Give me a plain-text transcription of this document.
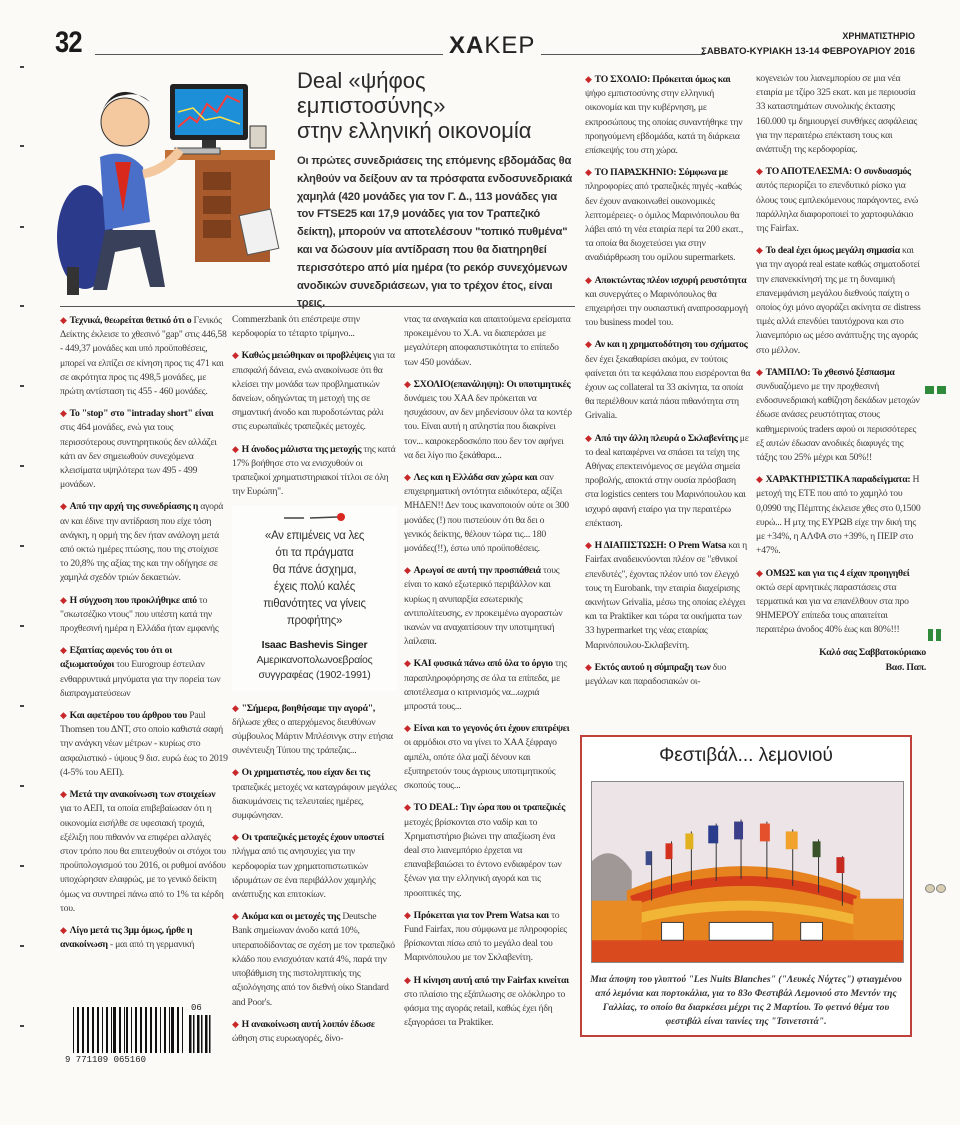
32	ΧΑΚΕΡ	ΧΡΗΜΑΤΙΣΤΗΡΙΟ
ΣΑΒΒΑΤΟ-ΚΥΡΙΑΚΗ 13-14 ΦΕΒΡΟΥΑΡΙΟΥ 2016
Deal «ψήφος
εμπιστοσύνης»
στην ελληνική οικονομία

Οι πρώτες συνεδριάσεις της επόμενης εβδομάδας θα κληθούν να δείξουν αν τα πρόσφατα ενδοσυνεδριακά χαμηλά (420 μονάδες για τον Γ. Δ., 113 μονάδες για τον FTSE25 και 17,9 μονάδες για τον Τραπεζικό δείκτη), μπορούν να αποτελέσουν "τοπικό πυθμένα" και να δώσουν μία αντίδραση που θα διατηρηθεί περισσότερο από μία ημέρα (το ρεκόρ συνεχόμενων ανοδικών συνεδριάσεων, για το τρέχον έτος, είναι τρεις.

◆ Τεχνικά, θεωρείται θετικό ότι ο Γενικός Δείκτης έκλεισε το χθεσινό "gap" στις 446,58 - 449,37 μονάδες και υπό προϋποθέσεις, μπορεί να ελπίζει σε κίνηση προς τις 471 και σε ακρότητα προς τις 498,5 μονάδες, με πρώτη αντίσταση τις 455 - 460 μονάδες.

◆ Το "stop" στο "intraday short" είναι στις 464 μονάδες, ενώ για τους περισσότερους συντηρητικούς δεν αλλάζει κάτι αν δεν σημειωθούν συνεχόμενα κλεισίματα υψηλότερα των 495 - 499 μονάδων.

◆ Από την αρχή της συνεδρίασης η αγορά αν και έδινε την αντίδραση που είχε τόση ανάγκη, η ορμή της δεν ήταν ανάλογη μετά από οκτώ ημέρες πτώσης, που της στοίχισε το 20,8% της αξίας της και την οδήγησε σε χαμηλά σχεδόν τριών δεκαετιών.

◆ Η σύγχυση που προκλήθηκε από το "σκωτσέζικο ντους" που υπέστη κατά την προχθεσινή ημέρα η Ελλάδα ήταν εμφανής

◆ Εξαιτίας αφενός του ότι οι αξιωματούχοι του Eurogroup έστειλαν ενθαρρυντικά μηνύματα για την πορεία των διαπραγματεύσεων

◆ Και αφετέρου του άρθρου του Paul Thomsen του ΔΝΤ, στο οποίο καθιστά σαφή την ανάγκη νέων μέτρων - κυρίως στο ασφαλιστικό - ύψους 9 δισ. ευρώ έως το 2019 (4-5% του ΑΕΠ).

◆ Μετά την ανακοίνωση των στοιχείων για το ΑΕΠ, τα οποία επιβεβαίωσαν ότι η οικονομία εισήλθε σε υφεσιακή τροχιά, εξέλιξη που πιθανόν να επιφέρει αλλαγές στον τρόπο που θα επιτευχθούν οι στόχοι του προϋπολογισμού του 2016, οι ρυθμοί ανόδου υποχώρησαν ελαφρώς, με το γενικό δείκτη όμως να συντηρεί πάνω από το 1% τα κέρδη του.

◆ Λίγο μετά τις 3μμ όμως, ήρθε η ανακοίνωση - μαι από τη γερμανική

Commerzbank ότι επέστρεψε στην κερδοφορία το τέταρτο τρίμηνο...

◆ Καθώς μειώθηκαν οι προβλέψεις για τα επισφαλή δάνεια, ενώ ανακοίνωσε ότι θα κλείσει την μονάδα των προβληματικών δανείων, οδηγώντας τη μετοχή της σε σημαντική άνοδο και πυροδοτώντας ράλι στις ευρωπαϊκές τραπεζικές μετοχές.

◆ Η άνοδος μάλιστα της μετοχής της κατά 17% βοήθησε στο να ενισχυθούν οι τραπεζικοί χρηματιστηριακοί τίτλοι σε όλη την Ευρώπη".

«Αν επιμένεις να λες
ότι τα πράγματα
θα πάνε άσχημα,
έχεις πολύ καλές
πιθανότητες να γίνεις
προφήτης»
Isaac Bashevis Singer
Αμερικανοπολωνοεβραίος
συγγραφέας (1902-1991)

◆ "Σήμερα, βοηθήσαμε την αγορά", δήλωσε χθες ο απερχόμενος διευθύνων σύμβουλος Μάρτιν Μπλέσινγκ στην ετήσια συνέντευξη Τύπου της τράπεζας...

◆ Οι χρηματιστές, που είχαν δει τις τραπεζικές μετοχές να καταγράφουν μεγάλες διακυμάνσεις τις τελευταίες ημέρες, συμφώνησαν.

◆ Οι τραπεζικές μετοχές έχουν υποστεί πλήγμα από τις ανησυχίες για την κερδοφορία των χρηματοπιστωτικών ιδρυμάτων σε ένα περιβάλλον χαμηλής ανάπτυξης και επιτοκίων.

◆ Ακόμα και οι μετοχές της Deutsche Bank σημείωναν άνοδο κατά 10%, υπεραποδίδοντας σε σχέση με τον τραπεζικό κλάδο που ενισχυόταν κατά 4%, παρά την υποβάθμιση της πιστοληπτικής της αξιολόγησης από τον διεθνή οίκο Standard and Poor's.

◆ Η ανακοίνωση αυτή λοιπόν έδωσε ώθηση στις ευρωαγορές, δίνο-

ντας τα αναγκαία και απαιτούμενα ερείσματα προκειμένου το Χ.Α. να διαπεράσει με μεγαλύτερη αποφασιστικότητα το επίπεδο των 450 μονάδων.

◆ ΣΧΟΛΙΟ(επανάληψη): Οι υποτιμητικές δυνάμεις του ΧΑΑ δεν πρόκειται να ησυχάσουν, αν δεν μηδενίσουν όλα τα κοντέρ του. Είναι αυτή η απληστία που διακρίνει τον... καιροκερδοσκόπο που δεν τον αφήνει να δει λίγο πιο ξεκάθαρα...

◆ Λες και η Ελλάδα σαν χώρα και σαν επιχειρηματική οντότητα ειδικότερα, αξίζει ΜΗΔΕΝ!! Δεν τους ικανοποιούν ούτε οι 300 μονάδες (!) που πιστεύουν ότι θα δει ο γενικός δείκτης, θέλουν τώρα τις... 180 μονάδες(!!), έστω υπό προϋποθέσεις.

◆ Αρωγοί σε αυτή την προσπάθειά τους είναι το κακό εξωτερικό περιβάλλον και κυρίως η ανυπαρξία εσωτερικής αντιπολίτευσης, εν προκειμένω αγοραστών ικανών να αναχαιτίσουν την υποτιμητική λαίλαπα.

◆ ΚΑΙ φυσικά πάνω από όλα το όργιο της παραπληροφόρησης σε όλα τα επίπεδα, με αποτέλεσμα ο κιτρινισμός να...ωχριά μπροστά τους...

◆ Είναι και το γεγονός ότι έχουν επιτρέψει οι αρμόδιοι στο να γίνει το ΧΑΑ ξέφραγο αμπέλι, οπότε όλα μαζί δένουν και εξυπηρετούν τους άγριους υποτιμητικούς σκοπούς τους...

◆ ΤΟ DEAL: Την ώρα που οι τραπεζικές μετοχές βρίσκονται στο ναδίρ και το Χρηματιστήριο βιώνει την απαξίωση ένα deal στο λιανεμπόριο έρχεται να επαναβεβαιώσει το έντονο ενδιαφέρον των ξένων για την ελληνική αγορά και τις προοπτικές της.

◆ Πρόκειται για τον Prem Watsa και το Fund Fairfax, που σύμφωνα με πληροφορίες βρίσκονται πίσω από το μεγάλο deal του Μαρινόπουλου με τον Σκλαβενίτη.

◆ Η κίνηση αυτή από την Fairfax κινείται στο πλαίσιο της εξάπλωσης σε ολόκληρο το φάσμα της αγοράς retail, καθώς έχει ήδη εξαγοράσει τα Praktiker.

◆ ΤΟ ΣΧΟΛΙΟ: Πρόκειται όμως και ψήφο εμπιστοσύνης στην ελληνική οικονομία και την κυβέρνηση, με εκπροσώπους της οποίας συναντήθηκε την προηγούμενη εβδομάδα, κατά τη διάρκεια επίσκεψής του στη χώρα.

◆ ΤΟ ΠΑΡΑΣΚΗΝΙΟ: Σύμφωνα με πληροφορίες από τραπεζικές πηγές -καθώς δεν έχουν ανακοινωθεί οικονομικές λεπτομέρειες- ο όμιλος Μαρινόπουλου θα λάβει από τη νέα εταιρία περί τα 200 εκατ., τα οποία θα διοχετεύσει για στην αναδιάρθρωση του ομίλου supermarkets.

◆ Αποκτώντας πλέον ισχυρή ρευστότητα και συνεργάτες ο Μαρινόπουλος θα επιχειρήσει την ουσιαστική αναπροσαρμογή του business model του.

◆ Αν και η χρηματοδότηση του σχήματος δεν έχει ξεκαθαρίσει ακόμα, εν τούτοις φαίνεται ότι τα κεφάλαια που εισρέρονται θα έχουν ως collateral τα 33 ακίνητα, τα οποία θα περιέλθουν κατά πάσα πιθανότητα στη Grivalia.

◆ Από την άλλη πλευρά ο Σκλαβενίτης με το deal καταφέρνει να σπάσει τα τείχη της Αθήνας επεκτεινόμενος σε μεγάλα σημεία προβολής, αποκτά στην ουσία πρόσβαση στα logistics centers του Μαρινόπουλου και ισχυρό αφανή εταίρο για την περαιτέρω επέκταση.

◆ Η ΔΙΑΠΙΣΤΩΣΗ: Ο Prem Watsa και η Fairfax αναδεικνύονται πλέον σε "εθνικοί επενδυτές", έχοντας πλέον υπό τον έλεγχό τους τη Eurobank, την εταιρία διαχείρισης ακινήτων Grivalia, μέσω της οποίας ελέγχει και τα Praktiker και τώρα τα οικήματα των 33 hypermarket της νέας εταιρίας Μαρινόπουλου-Σκλαβενίτη.

◆ Εκτός αυτού η σύμπραξη των δυο μεγάλων και παραδοσιακών οι-

κογενειών του λιανεμπορίου σε μια νέα εταιρία με τζίρο 325 εκατ. και με περιουσία 33 καταστημάτων συνολικής έκτασης 160.000 τμ δημιουργεί συνθήκες ασφάλειας για την περαιτέρω επέκταση τους και ανάπτυξη της κερδοφορίας.

◆ ΤΟ ΑΠΟΤΕΛΕΣΜΑ: Ο συνδυασμός αυτός περιορίζει το επενδυτικό ρίσκο για όλους τους εμπλεκόμενους παράγοντες, ενώ παράλληλα διαφοροποιεί το χαρτοφυλάκιο της Fairfax.

◆ Το deal έχει όμως μεγάλη σημασία και για την αγορά real estate καθώς σηματοδοτεί την επανεκκίνησή της με τη δυναμική επανεμφάνιση μεγάλου διεθνούς παίχτη ο οποίος όχι μόνο αγοράζει ακίνητα σε distress τιμές αλλά επενδύει ταυτόχρονα και στο λιανεμπόριο ως μέσο ανάπτυξης της αγοράς στο μέλλον.

◆ ΤΑΜΠΛΟ: Το χθεσινό ξέσπασμα συνδυαζόμενο με την προχθεσινή ενδοσυνεδριακή καθίζηση δεκάδων μετοχών έδωσε ανάσες ρευστότητας στους καθημερινούς traders αφού οι περισσότερες εξ αυτών έδωσαν ανοδικές διαφυγές της τάξης του 25% μέχρι και 50%!!

◆ ΧΑΡΑΚΤΗΡΙΣΤΙΚΑ παραδείγματα: Η μετοχή της ΕΤΕ που από το χαμηλό του 0,0990 της Πέμπτης έκλεισε χθες στο 0,1500 ευρώ... Η μτχ της ΕΥΡΩΒ είχε την δική της με +34%, η ΑΛΦΑ στο +39%, η ΠΕΙΡ στο +47%.

◆ ΟΜΩΣ και για τις 4 είχαν προηγηθεί οκτώ σερί αρνητικές παραστάσεις στα τερματικά και για να επανέλθουν στα προ 9ΗΜΕΡΟΥ επίπεδα τους απαιτείται περαιτέρω άνοδος 40% έως και 80%!!!

Καλό σας Σαββατοκύριακο
Βασ. Παπ.
Φεστιβάλ... λεμονιού

Μια άποψη του γλυπτού "Les Nuits Blanches" ("Λευκές Νύχτες") φτιαγμένου από λεμόνια και πορτοκάλια, για το 83ο Φεστιβάλ Λεμονιού στο Μεντόν της Γαλλίας, το οποίο θα διαρκέσει μέχρι τις 2 Μαρτίου. Το φετινό θέμα του φεστιβάλ είναι ταινίες της "Τσινετσιτά".

9 771109 065160
06
